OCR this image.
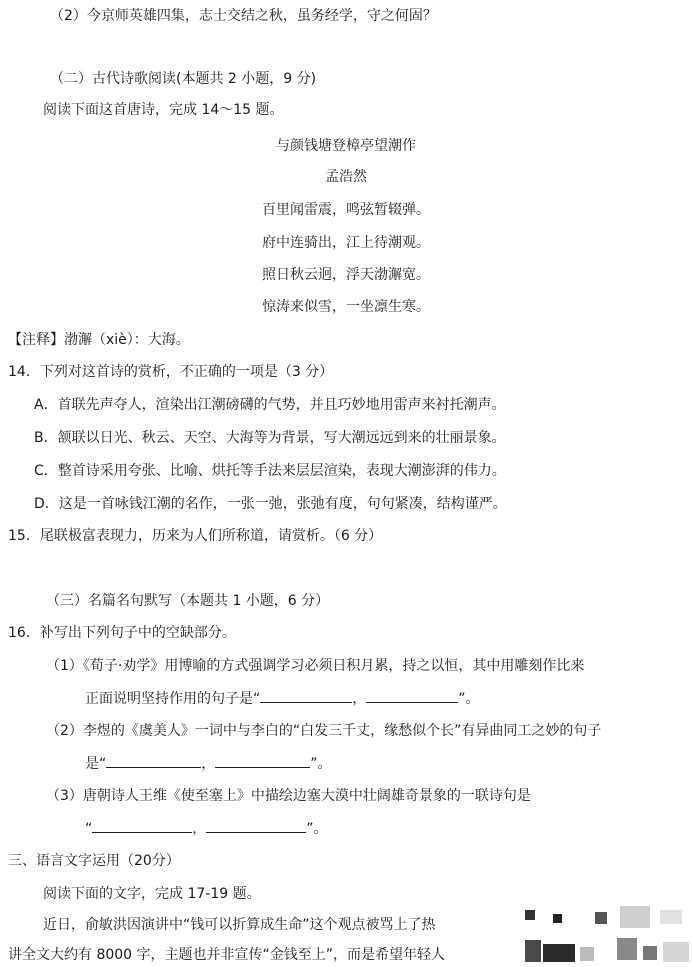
（2）今京师英雄四集，志士交结之秋，虽务经学，守之何固？
（二）古代诗歌阅读(本题共 2 小题，9 分)
阅读下面这首唐诗，完成 14～15 题。
与颜钱塘登樟亭望潮作
孟浩然
百里闻雷震，鸣弦暂辍弹。
府中连骑出，江上待潮观。
照日秋云迥，浮天渤澥宽。
惊涛来似雪，一坐凛生寒。
【注释】渤澥（xiè）：大海。
14．下列对这首诗的赏析，不正确的一项是（3 分）
A．首联先声夺人，渲染出江潮磅礴的气势，并且巧妙地用雷声来衬托潮声。
B．颔联以日光、秋云、天空、大海等为背景，写大潮远远到来的壮丽景象。
C．整首诗采用夸张、比喻、烘托等手法来层层渲染，表现大潮澎湃的伟力。
D．这是一首咏钱江潮的名作，一张一弛，张弛有度，句句紧凑，结构谨严。
15．尾联极富表现力，历来为人们所称道，请赏析。（6 分）
（三）名篇名句默写（本题共 1 小题，6 分）
16．补写出下列句子中的空缺部分。
（1）《荀子·劝学》用博喻的方式强调学习必须日积月累，持之以恒，其中用雕刻作比来
正面说明坚持作用的句子是“	，	”。
（2）李煜的《虞美人》一词中与李白的“白发三千丈，缘愁似个长”有异曲同工之妙的句子
是“	，	”。
（3）唐朝诗人王维《使至塞上》中描绘边塞大漠中壮阔雄奇景象的一联诗句是
“	，	”。
三、语言文字运用（20分）
阅读下面的文字，完成 17-19 题。
近日，俞敏洪因演讲中“钱可以折算成生命”这个观点被骂上了热
讲全文大约有 8000 字，主题也并非宣传“金钱至上”，而是希望年轻人
